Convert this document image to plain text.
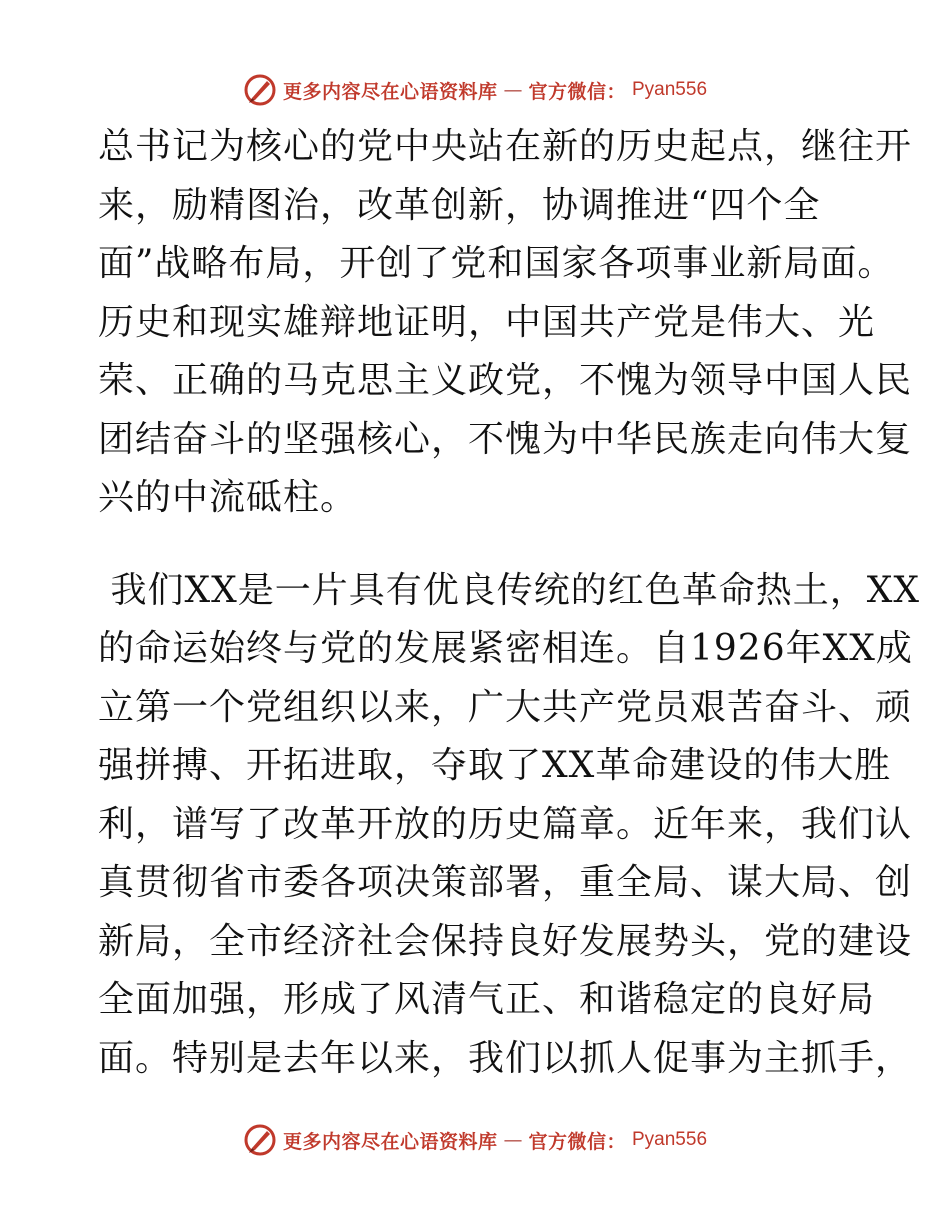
更多内容尽在心语资料库 — 官方微信： Pyan556

总书记为核心的党中央站在新的历史起点，继往开
来，励精图治，改革创新，协调推进“四个全
面”战略布局，开创了党和国家各项事业新局面。
历史和现实雄辩地证明，中国共产党是伟大、光
荣、正确的马克思主义政党，不愧为领导中国人民
团结奋斗的坚强核心，不愧为中华民族走向伟大复
兴的中流砥柱。

我们XX是一片具有优良传统的红色革命热土，XX
的命运始终与党的发展紧密相连。自1926年XX成
立第一个党组织以来，广大共产党员艰苦奋斗、顽
强拼搏、开拓进取，夺取了XX革命建设的伟大胜
利，谱写了改革开放的历史篇章。近年来，我们认
真贯彻省市委各项决策部署，重全局、谋大局、创
新局，全市经济社会保持良好发展势头，党的建设
全面加强，形成了风清气正、和谐稳定的良好局
面。特别是去年以来，我们以抓人促事为主抓手，

更多内容尽在心语资料库 — 官方微信： Pyan556
